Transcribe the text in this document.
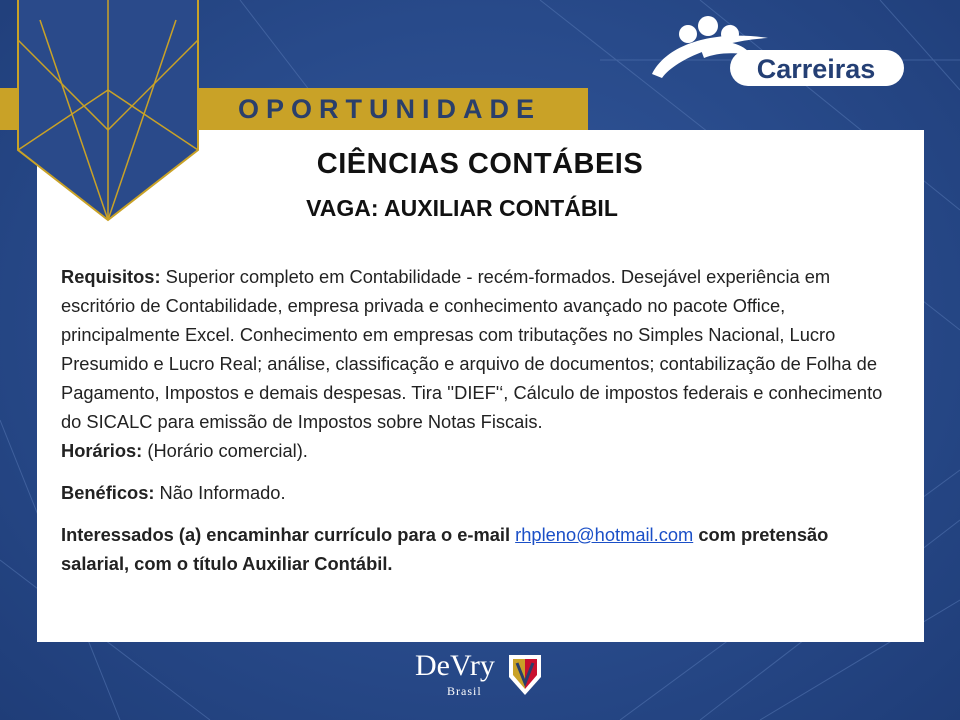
OPORTUNIDADE
CIÊNCIAS CONTÁBEIS
VAGA: AUXILIAR CONTÁBIL

Requisitos: Superior completo em Contabilidade - recém-formados. Desejável experiência em escritório de Contabilidade, empresa privada e conhecimento avançado no pacote Office, principalmente Excel. Conhecimento em empresas com tributações no Simples Nacional, Lucro Presumido e Lucro Real; análise, classificação e arquivo de documentos; contabilização de Folha de Pagamento, Impostos e demais despesas. Tira ''DIEF'‘, Cálculo de impostos federais e conhecimento do SICALC para emissão de Impostos sobre Notas Fiscais.

Horários: (Horário comercial).

Benéficos: Não Informado.

Interessados (a) encaminhar currículo para o e-mail rhpleno@hotmail.com com pretensão salarial, com o título Auxiliar Contábil.

Carreiras
DeVry
Brasil
